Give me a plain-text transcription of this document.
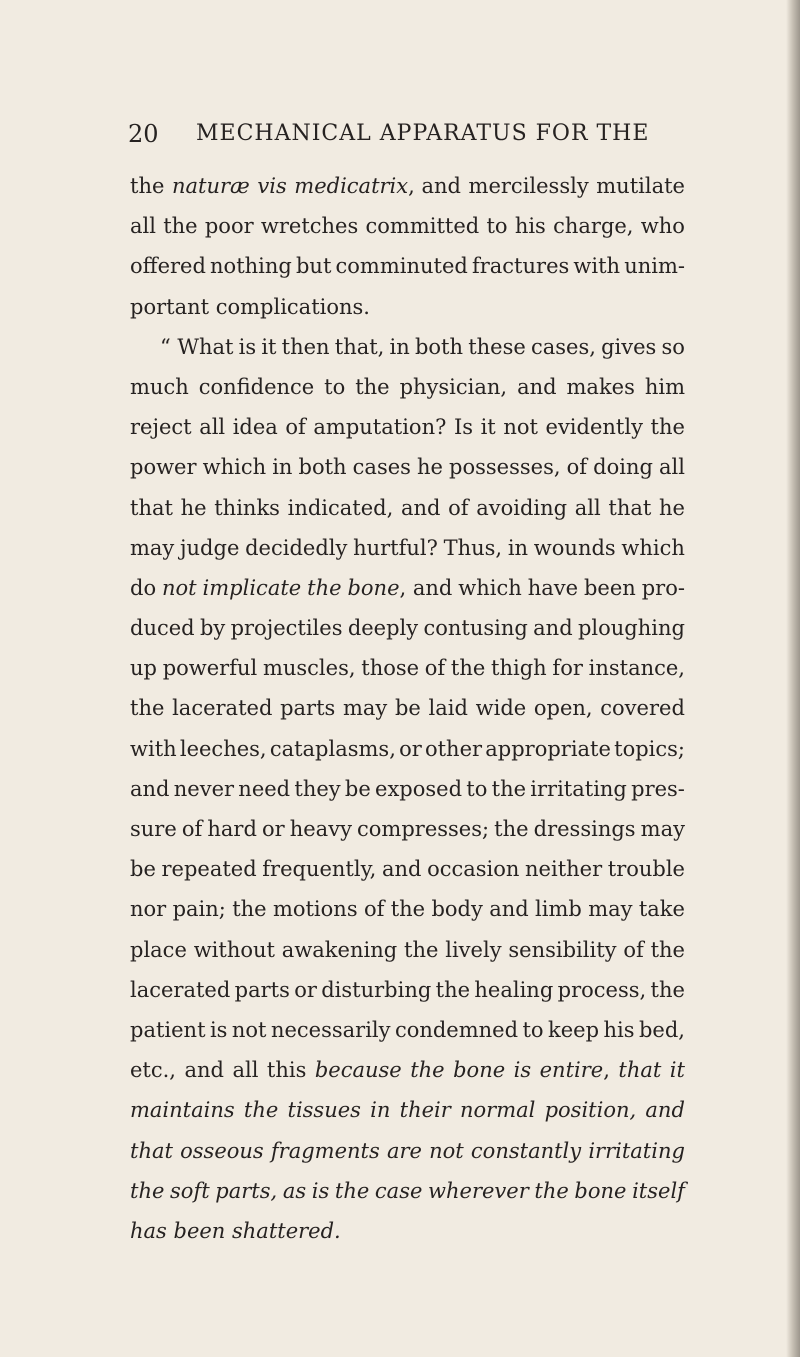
20 MECHANICAL APPARATUS FOR THE
the naturæ vis medicatrix, and mercilessly mutilate
all the poor wretches committed to his charge, who
offered nothing but comminuted fractures with unim-
portant complications.
“ What is it then that, in both these cases, gives so
much confidence to the physician, and makes him
reject all idea of amputation? Is it not evidently the
power which in both cases he possesses, of doing all
that he thinks indicated, and of avoiding all that he
may judge decidedly hurtful? Thus, in wounds which
do not implicate the bone, and which have been pro-
duced by projectiles deeply contusing and ploughing
up powerful muscles, those of the thigh for instance,
the lacerated parts may be laid wide open, covered
with leeches, cataplasms, or other appropriate topics;
and never need they be exposed to the irritating pres-
sure of hard or heavy compresses; the dressings may
be repeated frequently, and occasion neither trouble
nor pain; the motions of the body and limb may take
place without awakening the lively sensibility of the
lacerated parts or disturbing the healing process, the
patient is not necessarily condemned to keep his bed,
etc., and all this because the bone is entire, that it
maintains the tissues in their normal position, and
that osseous fragments are not constantly irritating
the soft parts, as is the case wherever the bone itself
has been shattered.
